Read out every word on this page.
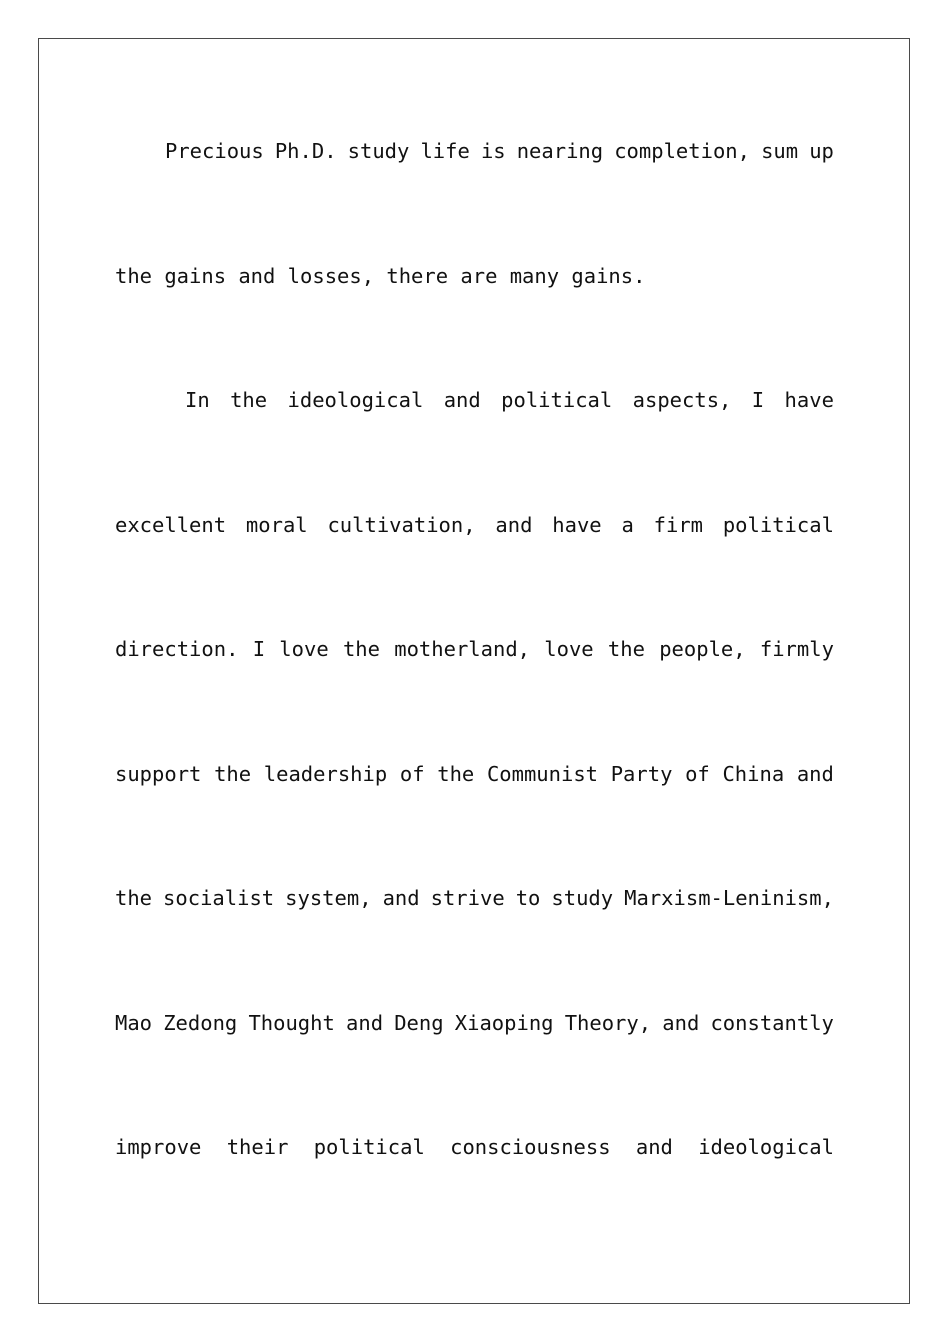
Precious Ph.D. study life is nearing completion, sum up
the gains and losses, there are many gains.
In the ideological and political aspects, I have
excellent moral cultivation, and have a firm political
direction. I love the motherland, love the people, firmly
support the leadership of the Communist Party of China and
the socialist system, and strive to study Marxism-Leninism,
Mao Zedong Thought and Deng Xiaoping Theory, and constantly
improve their political consciousness and ideological
